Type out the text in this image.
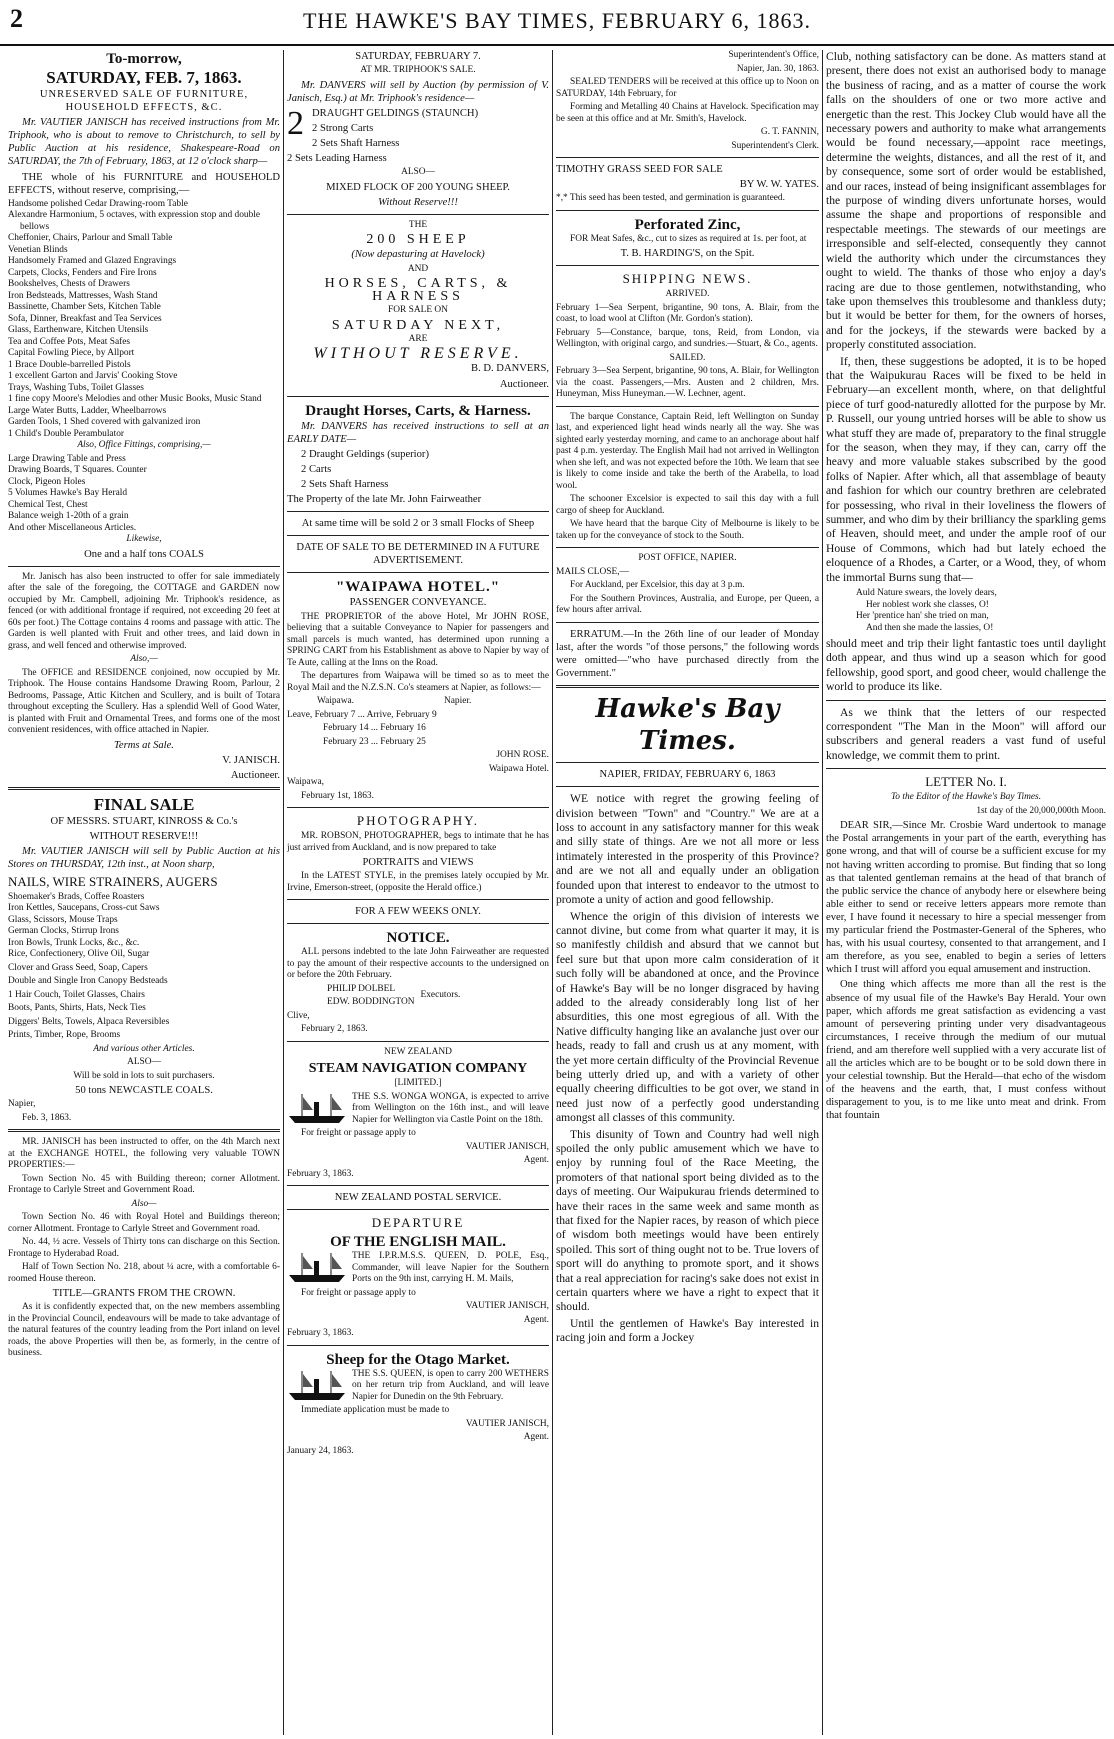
2	THE HAWKE'S BAY TIMES, FEBRUARY 6, 1863.
To-morrow,
SATURDAY, FEB. 7, 1863.

UNRESERVED SALE OF FURNITURE, HOUSEHOLD EFFECTS, &C.

Mr. VAUTIER JANISCH has received instructions from Mr. Triphook, who is about to remove to Christchurch, to sell by Public Auction at his residence, Shakespeare-Road on SATURDAY, the 7th of February, 1863, at 12 o'clock sharp—

THE whole of his FURNITURE and HOUSEHOLD EFFECTS, without reserve, comprising,—

Handsome polished Cedar Drawing-room Table
Alexandre Harmonium, 5 octaves, with expression stop and double bellows
Cheffonier, Chairs, Parlour and Small Table
Venetian Blinds
Handsomely Framed and Glazed Engravings
Carpets, Clocks, Fenders and Fire Irons
Bookshelves, Chests of Drawers
Iron Bedsteads, Mattresses, Wash Stand
Bassinette, Chamber Sets, Kitchen Table
Sofa, Dinner, Breakfast and Tea Services
Glass, Earthenware, Kitchen Utensils
Tea and Coffee Pots, Meat Safes
Capital Fowling Piece, by Allport
1 Brace Double-barrelled Pistols
1 excellent Garton and Jarvis' Cooking Stove
Trays, Washing Tubs, Toilet Glasses
1 fine copy Moore's Melodies and other Music Books, Music Stand
Large Water Butts, Ladder, Wheelbarrows
Garden Tools, 1 Shed covered with galvanized iron
1 Child's Double Perambulator

Also, Office Fittings, comprising,—

Large Drawing Table and Press
Drawing Boards, T Squares. Counter
Clock, Pigeon Holes
5 Volumes Hawke's Bay Herald
Chemical Test, Chest
Balance weigh 1-20th of a grain
And other Miscellaneous Articles.

Likewise,

One and a half tons COALS

Mr. Janisch has also been instructed to offer for sale immediately after the sale of the foregoing, the COTTAGE and GARDEN now occupied by Mr. Campbell, adjoining Mr. Triphook's residence, as fenced (or with additional frontage if required, not exceeding 20 feet at 60s per foot.) The Cottage contains 4 rooms and passage with attic. The Garden is well planted with Fruit and other trees, and laid down in grass, and well fenced and otherwise improved.

Also,—

The OFFICE and RESIDENCE conjoined, now occupied by Mr. Triphook. The House contains Handsome Drawing Room, Parlour, 2 Bedrooms, Passage, Attic Kitchen and Scullery, and is built of Totara throughout excepting the Scullery. Has a splendid Well of Good Water, is planted with Fruit and Ornamental Trees, and forms one of the most convenient residences, with office attached in Napier.

Terms at Sale.

V. JANISCH.

Auctioneer.

FINAL SALE

OF MESSRS. STUART, KINROSS & Co.'s

WITHOUT RESERVE!!!

Mr. VAUTIER JANISCH will sell by Public Auction at his Stores on THURSDAY, 12th inst., at Noon sharp,

NAILS, WIRE STRAINERS, AUGERS

Shoemaker's Brads, Coffee Roasters
Iron Kettles, Saucepans, Cross-cut Saws
Glass, Scissors, Mouse Traps
German Clocks, Stirrup Irons
Iron Bowls, Trunk Locks, &c., &c.

Rice, Confectionery, Olive Oil, Sugar

Clover and Grass Seed, Soap, Capers

Double and Single Iron Canopy Bedsteads

1 Hair Couch, Toilet Glasses, Chairs

Boots, Pants, Shirts, Hats, Neck Ties

Diggers' Belts, Towels, Alpaca Reversibles

Prints, Timber, Rope, Brooms

And various other Articles.

ALSO—

Will be sold in lots to suit purchasers.

50 tons NEWCASTLE COALS.

Napier,

Feb. 3, 1863.

MR. JANISCH has been instructed to offer, on the 4th March next at the EXCHANGE HOTEL, the following very valuable TOWN PROPERTIES:—

Town Section No. 45 with Building thereon; corner Allotment. Frontage to Carlyle Street and Government Road.

Also—

Town Section No. 46 with Royal Hotel and Buildings thereon; corner Allotment. Frontage to Carlyle Street and Government road.

No. 44, ½ acre. Vessels of Thirty tons can discharge on this Section. Frontage to Hyderabad Road.

Half of Town Section No. 218, about ¼ acre, with a comfortable 6-roomed House thereon.

TITLE—GRANTS FROM THE CROWN.

As it is confidently expected that, on the new members assembling in the Provincial Council, endeavours will be made to take advantage of the natural features of the country leading from the Port inland on level roads, the above Properties will then be, as formerly, in the centre of business.

SATURDAY, FEBRUARY 7.

AT MR. TRIPHOOK'S SALE.

Mr. DANVERS will sell by Auction (by permission of V. Janisch, Esq.) at Mr. Triphook's residence—

2 DRAUGHT GELDINGS (STAUNCH)

2 Strong Carts

2 Sets Shaft Harness

2 Sets Leading Harness

ALSO—

MIXED FLOCK OF 200 YOUNG SHEEP.

Without Reserve!!!

THE

200 SHEEP

(Now depasturing at Havelock)

AND

HORSES, CARTS, & HARNESS

FOR SALE ON

SATURDAY NEXT,

ARE

WITHOUT RESERVE.

B. D. DANVERS,

Auctioneer.

Draught Horses, Carts, & Harness.

Mr. DANVERS has received instructions to sell at an EARLY DATE—

2 Draught Geldings (superior)

2 Carts

2 Sets Shaft Harness

The Property of the late Mr. John Fairweather

At same time will be sold 2 or 3 small Flocks of Sheep

DATE OF SALE TO BE DETERMINED IN A FUTURE ADVERTISEMENT.

"WAIPAWA HOTEL."

PASSENGER CONVEYANCE.

THE PROPRIETOR of the above Hotel, Mr JOHN ROSE, believing that a suitable Conveyance to Napier for passengers and small parcels is much wanted, has determined upon running a SPRING CART from his Establishment as above to Napier by way of Te Aute, calling at the Inns on the Road.

The departures from Waipawa will be timed so as to meet the Royal Mail and the N.Z.S.N. Co's steamers at Napier, as follows:—

Waipawa.	Napier.

Leave, February 7 ... Arrive, February 9

February 14 ... February 16

February 23 ... February 25

JOHN ROSE.

Waipawa Hotel.

Waipawa,

February 1st, 1863.

PHOTOGRAPHY.

MR. ROBSON, PHOTOGRAPHER, begs to intimate that he has just arrived from Auckland, and is now prepared to take

PORTRAITS and VIEWS

In the LATEST STYLE, in the premises lately occupied by Mr. Irvine, Emerson-street, (opposite the Herald office.)

FOR A FEW WEEKS ONLY.

NOTICE.

ALL persons indebted to the late John Fairweather are requested to pay the amount of their respective accounts to the undersigned on or before the 20th February.

PHILIP DOLBEL

EDW. BODDINGTON

Executors.

Clive,

February 2, 1863.

NEW ZEALAND

STEAM NAVIGATION COMPANY

[LIMITED.]

THE S.S. WONGA WONGA, is expected to arrive from Wellington on the 16th inst., and will leave Napier for Wellington via Castle Point on the 18th.

For freight or passage apply to

VAUTIER JANISCH,

Agent.

February 3, 1863.

NEW ZEALAND POSTAL SERVICE.

DEPARTURE

OF THE ENGLISH MAIL.

THE I.P.R.M.S.S. QUEEN, D. POLE, Esq., Commander, will leave Napier for the Southern Ports on the 9th inst, carrying H. M. Mails,

For freight or passage apply to

VAUTIER JANISCH,

Agent.

February 3, 1863.

Sheep for the Otago Market.

THE S.S. QUEEN, is open to carry 200 WETHERS on her return trip from Auckland, and will leave Napier for Dunedin on the 9th February.

Immediate application must be made to

VAUTIER JANISCH,

Agent.

January 24, 1863.

Superintendent's Office,

Napier, Jan. 30, 1863.

SEALED TENDERS will be received at this office up to Noon on SATURDAY, 14th February, for

Forming and Metalling 40 Chains at Havelock. Specification may be seen at this office and at Mr. Smith's, Havelock.

G. T. FANNIN,

Superintendent's Clerk.

TIMOTHY GRASS SEED FOR SALE

BY W. W. YATES.

*,* This seed has been tested, and germination is guaranteed.

Perforated Zinc,

FOR Meat Safes, &c., cut to sizes as required at 1s. per foot, at

T. B. HARDING'S, on the Spit.

SHIPPING NEWS.

ARRIVED.

February 1—Sea Serpent, brigantine, 90 tons, A. Blair, from the coast, to load wool at Clifton (Mr. Gordon's station).

February 5—Constance, barque, tons, Reid, from London, via Wellington, with original cargo, and sundries.—Stuart, & Co., agents.

SAILED.

February 3—Sea Serpent, brigantine, 90 tons, A. Blair, for Wellington via the coast. Passengers,—Mrs. Austen and 2 children, Mrs. Huneyman, Miss Huneyman.—W. Lechner, agent.

The barque Constance, Captain Reid, left Wellington on Sunday last, and experienced light head winds nearly all the way. She was sighted early yesterday morning, and came to an anchorage about half past 4 p.m. yesterday. The English Mail had not arrived in Wellington when she left, and was not expected before the 10th. We learn that see is likely to come inside and take the berth of the Arabella, to load wool.

The schooner Excelsior is expected to sail this day with a full cargo of sheep for Auckland.

We have heard that the barque City of Melbourne is likely to be taken up for the conveyance of stock to the South.

POST OFFICE, NAPIER.

MAILS CLOSE,—

For Auckland, per Excelsior, this day at 3 p.m.

For the Southern Provinces, Australia, and Europe, per Queen, a few hours after arrival.

ERRATUM.—In the 26th line of our leader of Monday last, after the words "of those persons," the following words were omitted—"who have purchased directly from the Government."

Hawke's Bay Times.

NAPIER, FRIDAY, FEBRUARY 6, 1863

WE notice with regret the growing feeling of division between "Town" and "Country." We are at a loss to account in any satisfactory manner for this weak and silly state of things. Are we not all more or less intimately interested in the prosperity of this Province? and are we not all and equally under an obligation founded upon that interest to endeavor to the utmost to promote a unity of action and good fellowship.

Whence the origin of this division of interests we cannot divine, but come from what quarter it may, it is so manifestly childish and absurd that we cannot but feel sure but that upon more calm consideration of it such folly will be abandoned at once, and the Province of Hawke's Bay will be no longer disgraced by having added to the already considerably long list of her absurdities, this one most egregious of all. With the Native difficulty hanging like an avalanche just over our heads, ready to fall and crush us at any moment, with the yet more certain difficulty of the Provincial Revenue being utterly dried up, and with a variety of other equally cheering difficulties to be got over, we stand in need just now of a perfectly good understanding amongst all classes of this community.

This disunity of Town and Country had well nigh spoiled the only public amusement which we have to enjoy by running foul of the Race Meeting, the promoters of that national sport being divided as to the days of meeting. Our Waipukurau friends determined to have their races in the same week and same month as that fixed for the Napier races, by reason of which piece of wisdom both meetings would have been entirely spoiled. This sort of thing ought not to be. True lovers of sport will do anything to promote sport, and it shows that a real appreciation for racing's sake does not exist in certain quarters where we have a right to expect that it should.

Until the gentlemen of Hawke's Bay interested in racing join and form a Jockey

Club, nothing satisfactory can be done. As matters stand at present, there does not exist an authorised body to manage the business of racing, and as a matter of course the work falls on the shoulders of one or two more active and energetic than the rest. This Jockey Club would have all the necessary powers and authority to make what arrangements would be found necessary,—appoint race meetings, determine the weights, distances, and all the rest of it, and by consequence, some sort of order would be established, and our races, instead of being insignificant assemblages for the purpose of winding divers unfortunate horses, would assume the shape and proportions of responsible and respectable meetings. The stewards of our meetings are irresponsible and self-elected, consequently they cannot wield the authority which under the circumstances they ought to wield. The thanks of those who enjoy a day's racing are due to those gentlemen, notwithstanding, who take upon themselves this troublesome and thankless duty; but it would be better for them, for the owners of horses, and for the jockeys, if the stewards were backed by a properly constituted association.

If, then, these suggestions be adopted, it is to be hoped that the Waipukurau Races will be fixed to be held in February—an excellent month, where, on that delightful piece of turf good-naturedly allotted for the purpose by Mr. P. Russell, our young untried horses will be able to show us what stuff they are made of, preparatory to the final struggle for the season, when they may, if they can, carry off the heavy and more valuable stakes subscribed by the good folks of Napier. After which, all that assemblage of beauty and fashion for which our country brethren are celebrated for possessing, who rival in their loveliness the flowers of summer, and who dim by their brilliancy the sparkling gems of Heaven, should meet, and under the ample roof of our House of Commons, which had but lately echoed the eloquence of a Rhodes, a Carter, or a Wood, they, of whom the immortal Burns sung that—

Auld Nature swears, the lovely dears,
Her noblest work she classes, O!
Her 'prentice han' she tried on man,
And then she made the lassies, O!

should meet and trip their light fantastic toes until daylight doth appear, and thus wind up a season which for good fellowship, good sport, and good cheer, would challenge the world to produce its like.

As we think that the letters of our respected correspondent "The Man in the Moon" will afford our subscribers and general readers a vast fund of useful knowledge, we commit them to print.

LETTER No. I.

To the Editor of the Hawke's Bay Times.

1st day of the 20,000,000th Moon.

DEAR SIR,—Since Mr. Crosbie Ward undertook to manage the Postal arrangements in your part of the earth, everything has gone wrong, and that will of course be a sufficient excuse for my not having written according to promise. But finding that so long as that talented gentleman remains at the head of that branch of the public service the chance of anybody here or elsewhere being able either to send or receive letters appears more remote than ever, I have found it necessary to hire a special messenger from my particular friend the Postmaster-General of the Spheres, who has, with his usual courtesy, consented to that arrangement, and I am therefore, as you see, enabled to begin a series of letters which I trust will afford you equal amusement and instruction.

One thing which affects me more than all the rest is the absence of my usual file of the Hawke's Bay Herald. Your own paper, which affords me great satisfaction as evidencing a vast amount of persevering printing under very disadvantageous circumstances, I receive through the medium of our mutual friend, and am therefore well supplied with a very accurate list of all the articles which are to be bought or to be sold down there in your celestial township. But the Herald—that echo of the wisdom of the heavens and the earth, that, I must confess without disparagement to you, is to me like unto meat and drink. From that fountain
